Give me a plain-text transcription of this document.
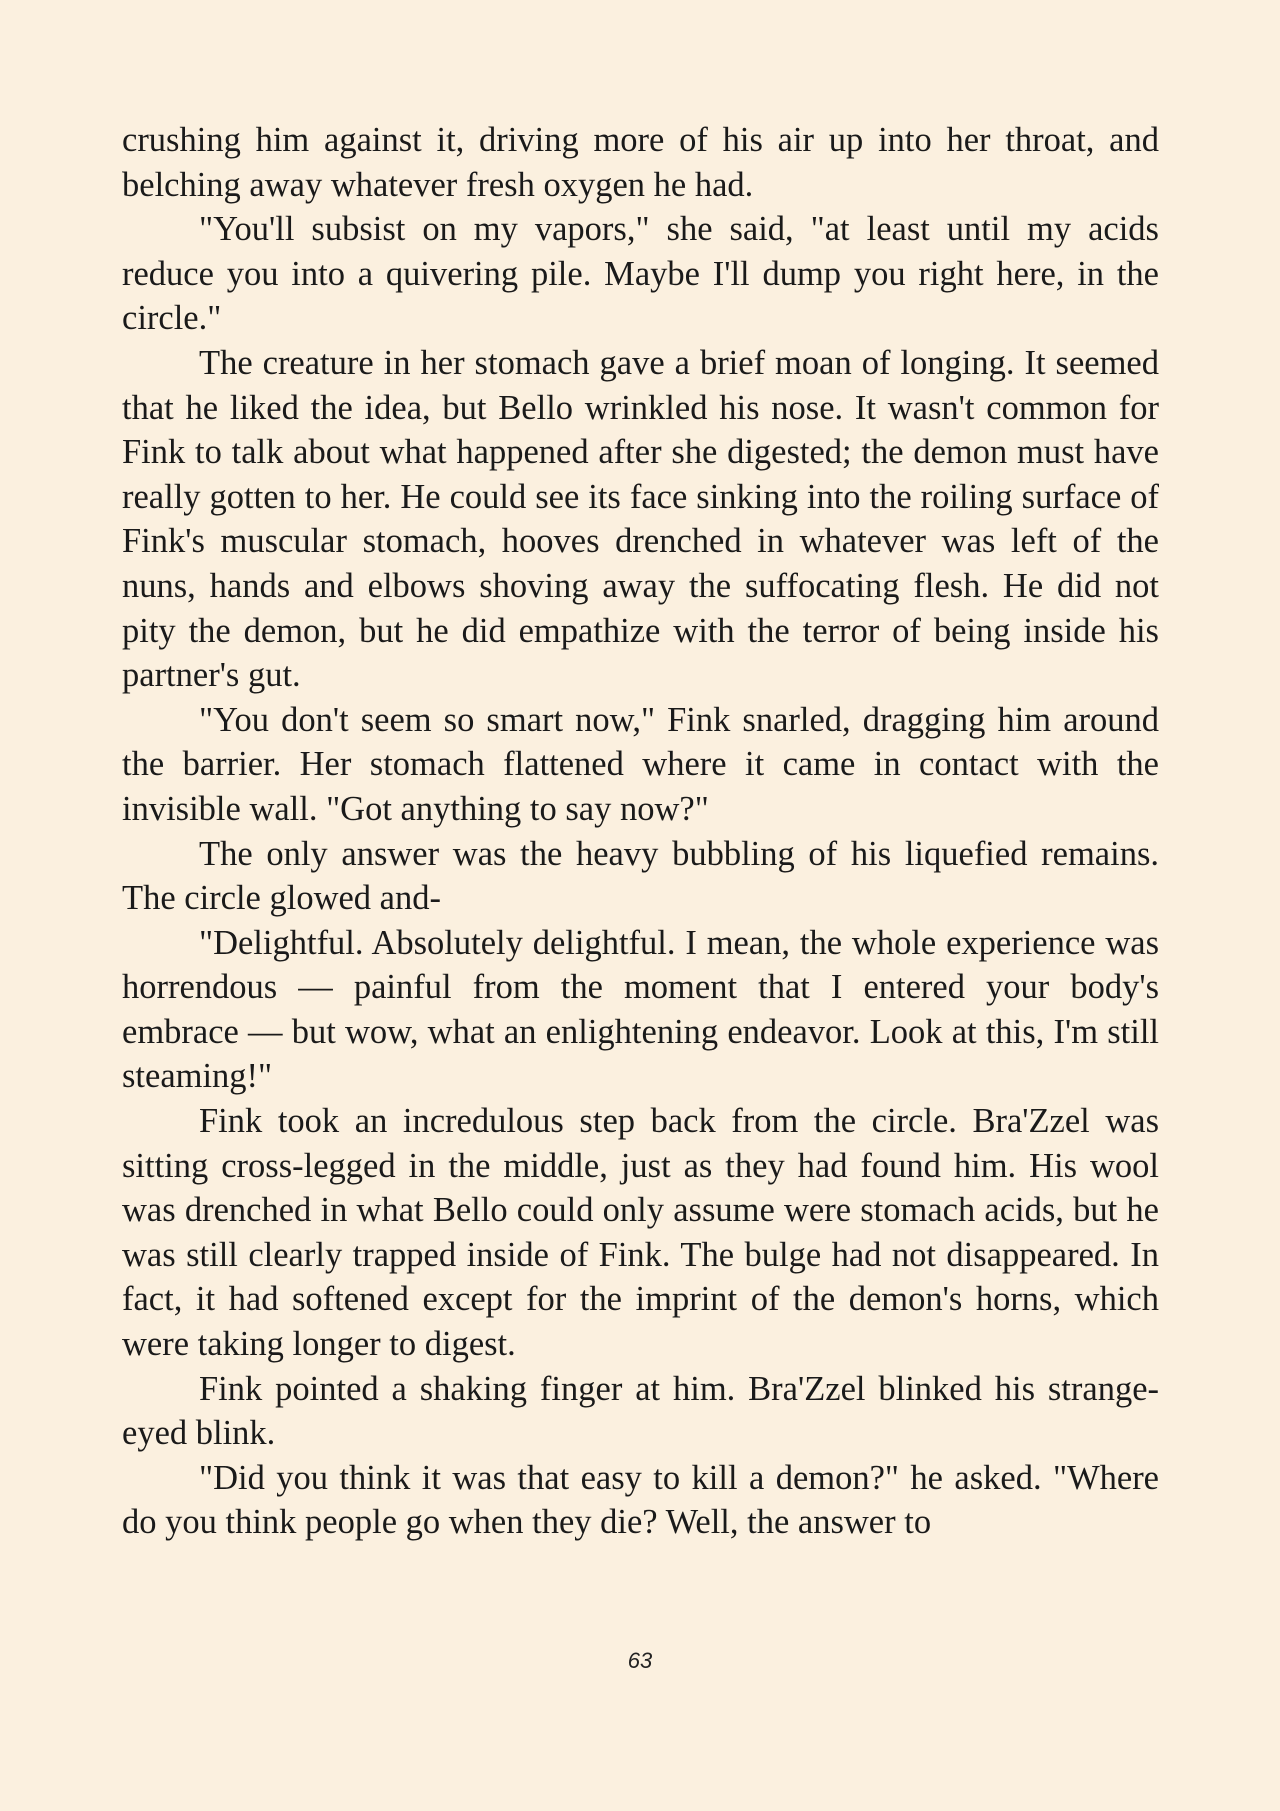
crushing him against it, driving more of his air up into her throat, and belching away whatever fresh oxygen he had.

"You'll subsist on my vapors," she said, "at least until my acids reduce you into a quivering pile. Maybe I'll dump you right here, in the circle."

The creature in her stomach gave a brief moan of longing. It seemed that he liked the idea, but Bello wrinkled his nose. It wasn't common for Fink to talk about what happened after she digested; the demon must have really gotten to her. He could see its face sinking into the roiling surface of Fink's muscular stomach, hooves drenched in whatever was left of the nuns, hands and elbows shoving away the suffocating flesh. He did not pity the demon, but he did empathize with the terror of being inside his partner's gut.

"You don't seem so smart now," Fink snarled, dragging him around the barrier. Her stomach flattened where it came in contact with the invisible wall. "Got anything to say now?"

The only answer was the heavy bubbling of his liquefied remains. The circle glowed and-

"Delightful. Absolutely delightful. I mean, the whole experience was horrendous — painful from the moment that I entered your body's embrace — but wow, what an enlightening endeavor. Look at this, I'm still steaming!"

Fink took an incredulous step back from the circle. Bra'Zzel was sitting cross-legged in the middle, just as they had found him. His wool was drenched in what Bello could only assume were stomach acids, but he was still clearly trapped inside of Fink. The bulge had not disappeared. In fact, it had softened except for the imprint of the demon's horns, which were taking longer to digest.

Fink pointed a shaking finger at him. Bra'Zzel blinked his strange-eyed blink.

"Did you think it was that easy to kill a demon?" he asked. "Where do you think people go when they die? Well, the answer to

63
